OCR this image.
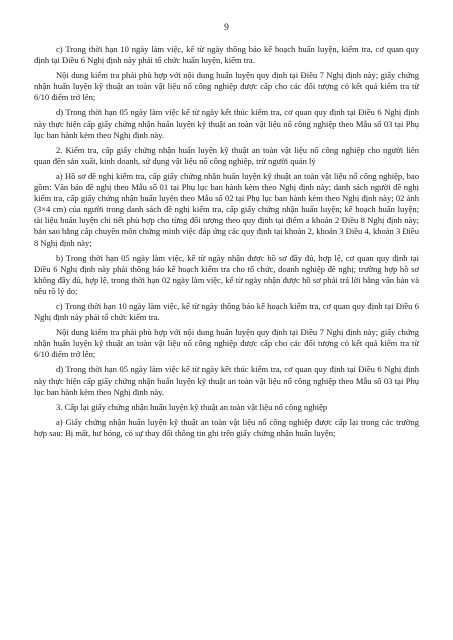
9

c) Trong thời hạn 10 ngày làm việc, kể từ ngày thông báo kế hoạch huấn luyện, kiểm tra, cơ quan quy định tại Điều 6 Nghị định này phải tổ chức huấn luyện, kiểm tra.

Nội dung kiểm tra phải phù hợp với nội dung huấn luyện quy định tại Điều 7 Nghị định này; giấy chứng nhận huấn luyện kỹ thuật an toàn vật liệu nổ công nghiệp được cấp cho các đối tượng có kết quả kiểm tra từ 6/10 điểm trở lên;

d) Trong thời hạn 05 ngày làm việc kể từ ngày kết thúc kiểm tra, cơ quan quy định tại Điều 6 Nghị định này thực hiện cấp giấy chứng nhận huấn luyện kỹ thuật an toàn vật liệu nổ công nghiệp theo Mẫu số 03 tại Phụ lục ban hành kèm theo Nghị định này.

2. Kiểm tra, cấp giấy chứng nhận huấn luyện kỹ thuật an toàn vật liệu nổ công nghiệp cho người liên quan đến sản xuất, kinh doanh, sử dụng vật liệu nổ công nghiệp, trừ người quản lý

a) Hồ sơ đề nghị kiểm tra, cấp giấy chứng nhận huấn luyện kỹ thuật an toàn vật liệu nổ công nghiệp, bao gồm: Văn bản đề nghị theo Mẫu số 01 tại Phụ lục ban hành kèm theo Nghị định này; danh sách người đề nghị kiểm tra, cấp giấy chứng nhận huấn luyện theo Mẫu số 02 tại Phụ lục ban hành kèm theo Nghị định này; 02 ảnh (3×4 cm) của người trong danh sách đề nghị kiểm tra, cấp giấy chứng nhận huấn luyện; kế hoạch huấn luyện; tài liệu huấn luyện chi tiết phù hợp cho từng đối tượng theo quy định tại điểm a khoản 2 Điều 8 Nghị định này; bản sao bằng cấp chuyên môn chứng minh việc đáp ứng các quy định tại khoản 2, khoản 3 Điều 4, khoản 3 Điều 8 Nghị định này;

b) Trong thời hạn 05 ngày làm việc, kể từ ngày nhận được hồ sơ đầy đủ, hợp lệ, cơ quan quy định tại Điều 6 Nghị định này phải thông báo kế hoạch kiểm tra cho tổ chức, doanh nghiệp đề nghị; trường hợp hồ sơ không đầy đủ, hợp lệ, trong thời hạn 02 ngày làm việc, kể từ ngày nhận được hồ sơ phải trả lời bằng văn bản và nêu rõ lý do;

c) Trong thời hạn 10 ngày làm việc, kể từ ngày thông báo kế hoạch kiểm tra, cơ quan quy định tại Điều 6 Nghị định này phải tổ chức kiểm tra.

Nội dung kiểm tra phải phù hợp với nội dung huấn luyện quy định tại Điều 7 Nghị định này; giấy chứng nhận huấn luyện kỹ thuật an toàn vật liệu nổ công nghiệp được cấp cho các đối tượng có kết quả kiểm tra từ 6/10 điểm trở lên;

d) Trong thời hạn 05 ngày làm việc kể từ ngày kết thúc kiểm tra, cơ quan quy định tại Điều 6 Nghị định này thực hiện cấp giấy chứng nhận huấn luyện kỹ thuật an toàn vật liệu nổ công nghiệp theo Mẫu số 03 tại Phụ lục ban hành kèm theo Nghị định này.

3. Cấp lại giấy chứng nhận huấn luyện kỹ thuật an toàn vật liệu nổ công nghiệp

a) Giấy chứng nhận huấn luyện kỹ thuật an toàn vật liệu nổ công nghiệp được cấp lại trong các trường hợp sau: Bị mất, hư hỏng, có sự thay đổi thông tin ghi trên giấy chứng nhận huấn luyện;
